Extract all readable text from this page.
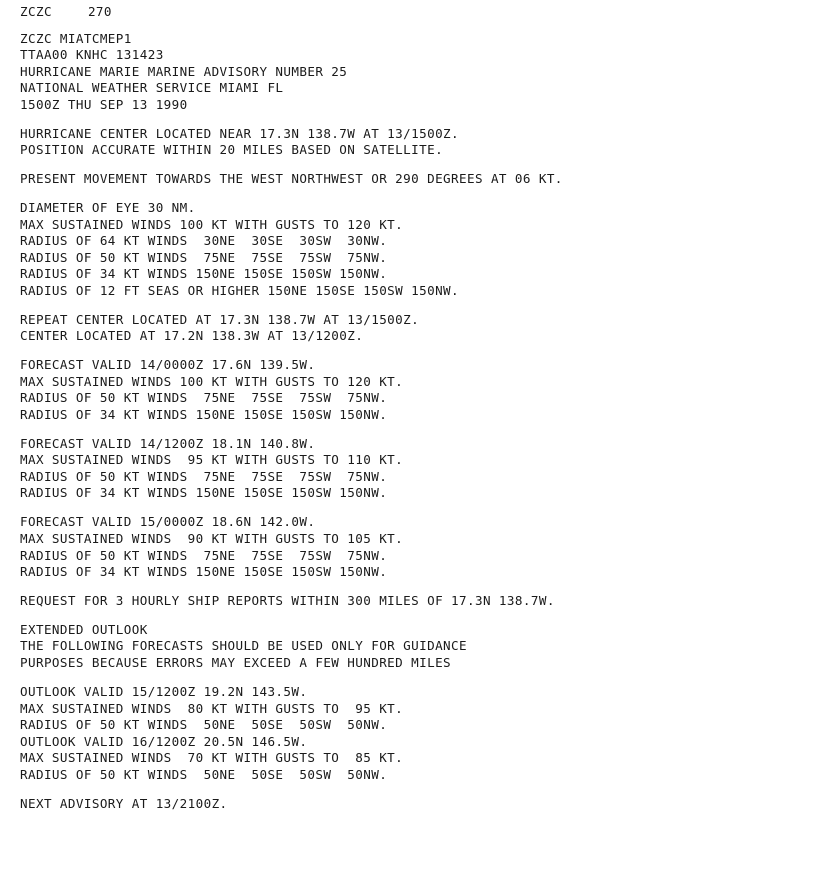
ZCZC	270
ZCZC MIATCMEP1
TTAA00 KNHC 131423
HURRICANE MARIE MARINE ADVISORY NUMBER 25
NATIONAL WEATHER SERVICE MIAMI FL
1500Z THU SEP 13 1990
HURRICANE CENTER LOCATED NEAR 17.3N 138.7W AT 13/1500Z.
POSITION ACCURATE WITHIN 20 MILES BASED ON SATELLITE.
PRESENT MOVEMENT TOWARDS THE WEST NORTHWEST OR 290 DEGREES AT 06 KT.
DIAMETER OF EYE 30 NM.
MAX SUSTAINED WINDS 100 KT WITH GUSTS TO 120 KT.
RADIUS OF 64 KT WINDS  30NE  30SE  30SW  30NW.
RADIUS OF 50 KT WINDS  75NE  75SE  75SW  75NW.
RADIUS OF 34 KT WINDS 150NE 150SE 150SW 150NW.
RADIUS OF 12 FT SEAS OR HIGHER 150NE 150SE 150SW 150NW.
REPEAT CENTER LOCATED AT 17.3N 138.7W AT 13/1500Z.
CENTER LOCATED AT 17.2N 138.3W AT 13/1200Z.
FORECAST VALID 14/0000Z 17.6N 139.5W.
MAX SUSTAINED WINDS 100 KT WITH GUSTS TO 120 KT.
RADIUS OF 50 KT WINDS  75NE  75SE  75SW  75NW.
RADIUS OF 34 KT WINDS 150NE 150SE 150SW 150NW.
FORECAST VALID 14/1200Z 18.1N 140.8W.
MAX SUSTAINED WINDS  95 KT WITH GUSTS TO 110 KT.
RADIUS OF 50 KT WINDS  75NE  75SE  75SW  75NW.
RADIUS OF 34 KT WINDS 150NE 150SE 150SW 150NW.
FORECAST VALID 15/0000Z 18.6N 142.0W.
MAX SUSTAINED WINDS  90 KT WITH GUSTS TO 105 KT.
RADIUS OF 50 KT WINDS  75NE  75SE  75SW  75NW.
RADIUS OF 34 KT WINDS 150NE 150SE 150SW 150NW.
REQUEST FOR 3 HOURLY SHIP REPORTS WITHIN 300 MILES OF 17.3N 138.7W.
EXTENDED OUTLOOK
THE FOLLOWING FORECASTS SHOULD BE USED ONLY FOR GUIDANCE
PURPOSES BECAUSE ERRORS MAY EXCEED A FEW HUNDRED MILES
OUTLOOK VALID 15/1200Z 19.2N 143.5W.
MAX SUSTAINED WINDS  80 KT WITH GUSTS TO  95 KT.
RADIUS OF 50 KT WINDS  50NE  50SE  50SW  50NW.
OUTLOOK VALID 16/1200Z 20.5N 146.5W.
MAX SUSTAINED WINDS  70 KT WITH GUSTS TO  85 KT.
RADIUS OF 50 KT WINDS  50NE  50SE  50SW  50NW.
NEXT ADVISORY AT 13/2100Z.
